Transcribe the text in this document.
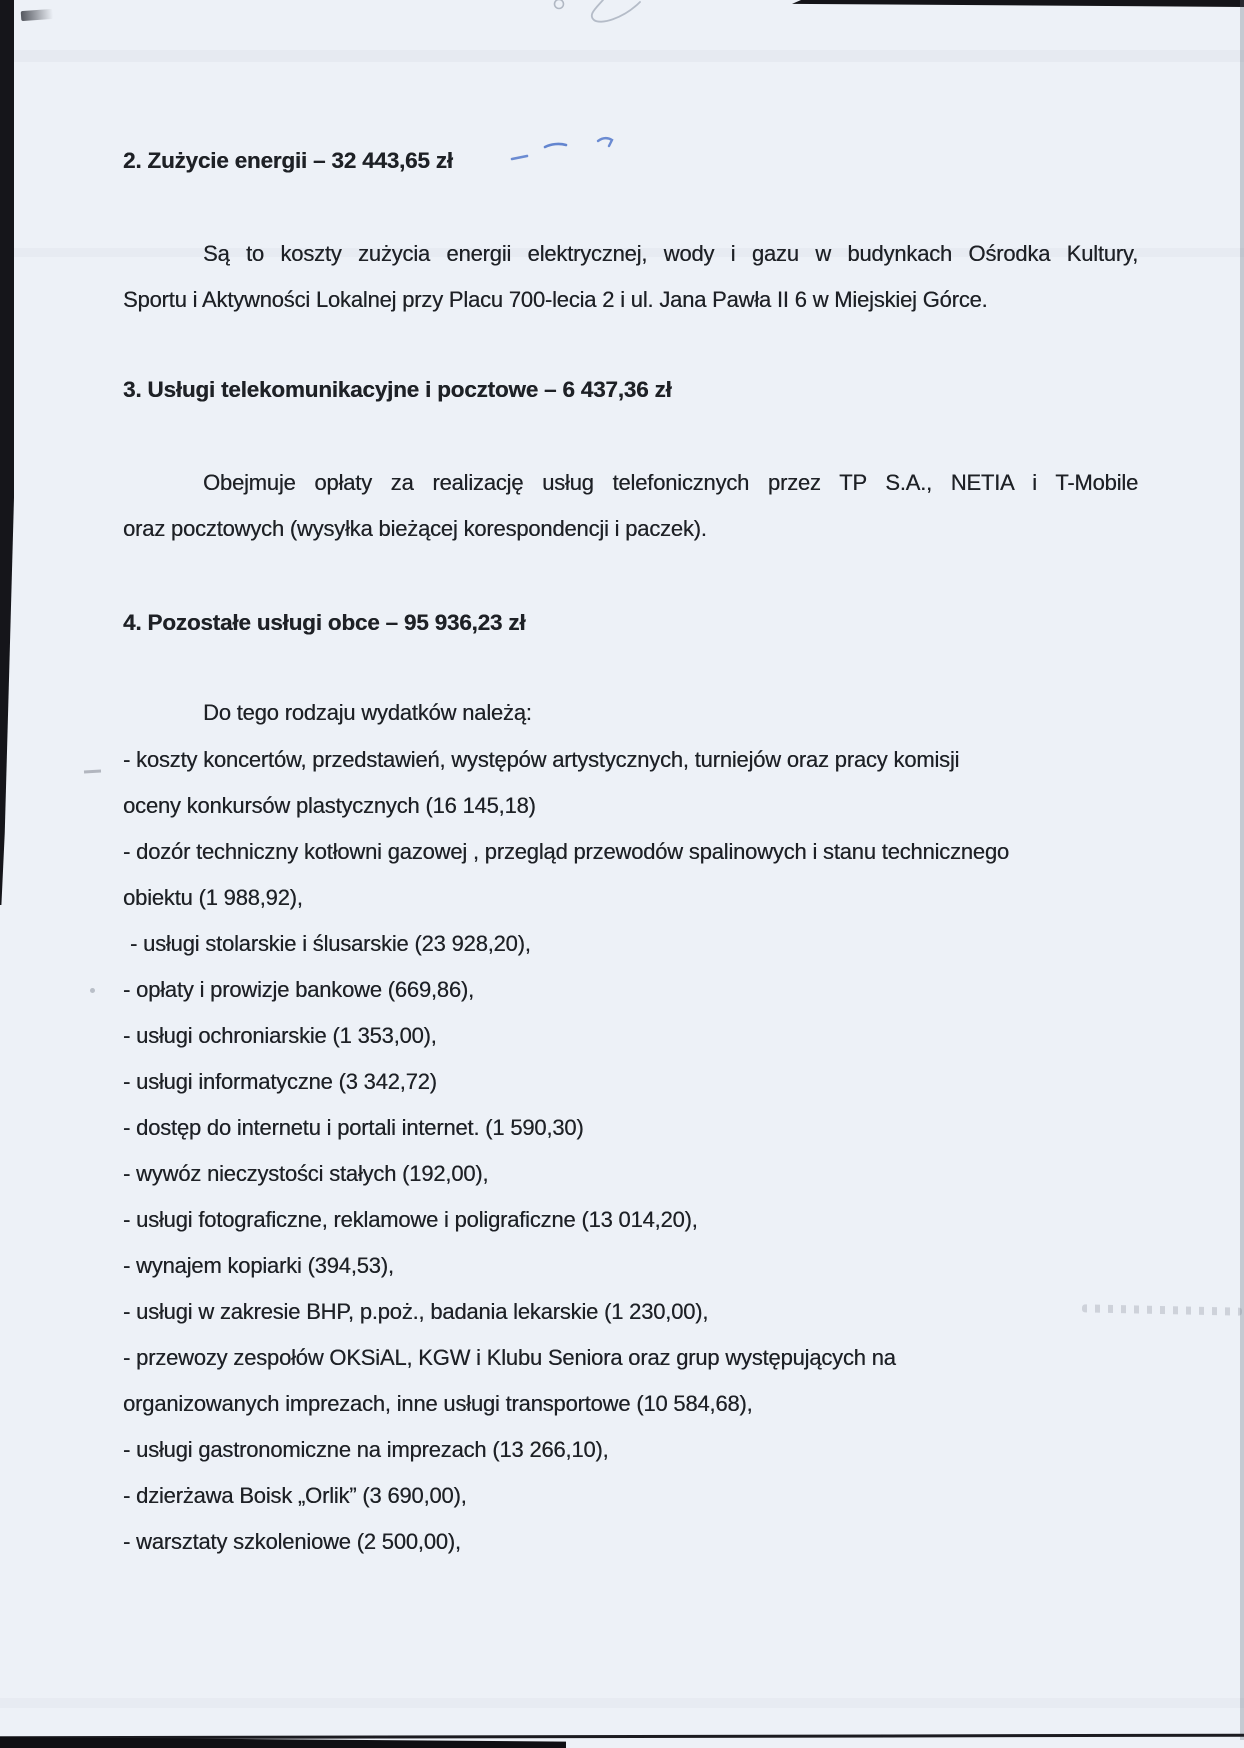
2. Zużycie energii – 32 443,65 zł
Są to koszty zużycia energii elektrycznej, wody i gazu w budynkach Ośrodka Kultury,
Sportu i Aktywności Lokalnej przy Placu 700-lecia 2 i ul. Jana Pawła II 6 w Miejskiej Górce.
3. Usługi telekomunikacyjne i pocztowe – 6 437,36 zł
Obejmuje opłaty za realizację usług telefonicznych przez TP S.A., NETIA i T-Mobile
oraz pocztowych (wysyłka bieżącej korespondencji i paczek).
4. Pozostałe usługi obce – 95 936,23 zł
Do tego rodzaju wydatków należą:
- koszty koncertów, przedstawień, występów artystycznych, turniejów oraz pracy komisji
oceny konkursów plastycznych (16 145,18)
- dozór techniczny kotłowni gazowej , przegląd przewodów spalinowych i stanu technicznego
obiektu (1 988,92),
- usługi stolarskie i ślusarskie (23 928,20),
- opłaty i prowizje bankowe (669,86),
- usługi ochroniarskie (1 353,00),
- usługi informatyczne (3 342,72)
- dostęp do internetu i portali internet. (1 590,30)
- wywóz nieczystości stałych (192,00),
- usługi fotograficzne, reklamowe i poligraficzne (13 014,20),
- wynajem kopiarki (394,53),
- usługi w zakresie BHP, p.poż., badania lekarskie (1 230,00),
- przewozy zespołów OKSiAL, KGW i Klubu Seniora oraz grup występujących na
organizowanych imprezach, inne usługi transportowe (10 584,68),
- usługi gastronomiczne na imprezach (13 266,10),
- dzierżawa Boisk „Orlik” (3 690,00),
- warsztaty szkoleniowe (2 500,00),
